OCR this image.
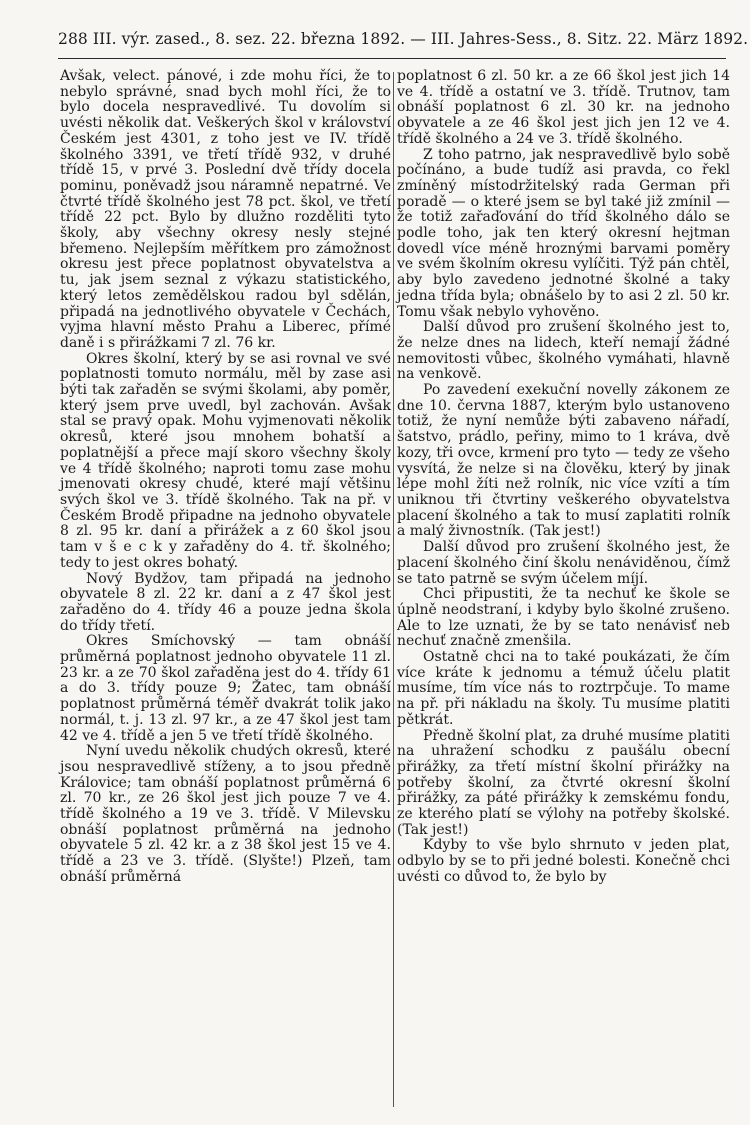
288 III. výr. zased., 8. sez. 22. března 1892. — III. Jahres-Sess., 8. Sitz. 22. März 1892.

Avšak, velect. pánové, i zde mohu říci, že to nebylo správné, snad bych mohl říci, že to bylo docela nespravedlivé. Tu dovolím si uvésti několik dat. Veškerých škol v království Českém jest 4301, z toho jest ve IV. třídě školného 3391, ve třetí třídě 932, v druhé třídě 15, v prvé 3. Poslední dvě třídy docela pominu, poněvadž jsou náramně nepatrné. Ve čtvrté třídě školného jest 78 pct. škol, ve třetí třídě 22 pct. Bylo by dlužno rozděliti tyto školy, aby všechny okresy nesly stejné břemeno. Nejlepším měřítkem pro zámožnost okresu jest přece poplatnost obyvatelstva a tu, jak jsem seznal z výkazu statistického, který letos zemědělskou radou byl sdělán, připadá na jednotlivého obyvatele v Čechách, vyjma hlavní město Prahu a Liberec, přímé daně i s přirážkami 7 zl. 76 kr.

Okres školní, který by se asi rovnal ve své poplatnosti tomuto normálu, měl by zase asi býti tak zařaděn se svými školami, aby poměr, který jsem prve uvedl, byl zachován. Avšak stal se pravý opak. Mohu vyjmenovati několik okresů, které jsou mnohem bohatší a poplatnější a přece mají skoro všechny školy ve 4 třídě školného; naproti tomu zase mohu jmenovati okresy chudé, které mají většinu svých škol ve 3. třídě školného. Tak na př. v Českém Brodě připadne na jednoho obyvatele 8 zl. 95 kr. daní a přirážek a z 60 škol jsou tam v š e c k y zařaděny do 4. tř. školného; tedy to jest okres bohatý.

Nový Bydžov, tam připadá na jednoho obyvatele 8 zl. 22 kr. daní a z 47 škol jest zařaděno do 4. třídy 46 a pouze jedna škola do třídy třetí.

Okres Smíchovský — tam obnáší průměrná poplatnost jednoho obyvatele 11 zl. 23 kr. a ze 70 škol zařaděna jest do 4. třídy 61 a do 3. třídy pouze 9; Žatec, tam obnáší poplatnost průměrná téměř dvakrát tolik jako normál, t. j. 13 zl. 97 kr., a ze 47 škol jest tam 42 ve 4. třídě a jen 5 ve třetí třídě školného.

Nyní uvedu několik chudých okresů, které jsou nespravedlivě stíženy, a to jsou předně Královice; tam obnáší poplatnost průměrná 6 zl. 70 kr., ze 26 škol jest jich pouze 7 ve 4. třídě školného a 19 ve 3. třídě. V Milevsku obnáší poplatnost průměrná na jednoho obyvatele 5 zl. 42 kr. a z 38 škol jest 15 ve 4. třídě a 23 ve 3. třídě. (Slyšte!) Plzeň, tam obnáší průměrná

poplatnost 6 zl. 50 kr. a ze 66 škol jest jich 14 ve 4. třídě a ostatní ve 3. třídě. Trutnov, tam obnáší poplatnost 6 zl. 30 kr. na jednoho obyvatele a ze 46 škol jest jich jen 12 ve 4. třídě školného a 24 ve 3. třídě školného.

Z toho patrno, jak nespravedlivě bylo sobě počínáno, a bude tudíž asi pravda, co řekl zmíněný místodržitelský rada German při poradě — o které jsem se byl také již zmínil — že totiž zařaďování do tříd školného dálo se podle toho, jak ten který okresní hejtman dovedl více méně hroznými barvami poměry ve svém školním okresu vylíčiti. Týž pán chtěl, aby bylo zavedeno jednotné školné a taky jedna třída byla; obnášelo by to asi 2 zl. 50 kr. Tomu však nebylo vyhověno.

Další důvod pro zrušení školného jest to, že nelze dnes na lidech, kteří nemají žádné nemovitosti vůbec, školného vymáhati, hlavně na venkově.

Po zavedení exekuční novelly zákonem ze dne 10. června 1887, kterým bylo ustanoveno totiž, že nyní nemůže býti zabaveno nářadí, šatstvo, prádlo, peřiny, mimo to 1 kráva, dvě kozy, tři ovce, krmení pro tyto — tedy ze všeho vysvítá, že nelze si na člověku, který by jinak lépe mohl žíti než rolník, nic více vzíti a tím uniknou tři čtvrtiny veškerého obyvatelstva placení školného a tak to musí zaplatiti rolník a malý živnostník. (Tak jest!)

Další důvod pro zrušení školného jest, že placení školného činí školu nenáviděnou, čímž se tato patrně se svým účelem míjí.

Chci připustiti, že ta nechuť ke škole se úplně neodstraní, i kdyby bylo školné zrušeno. Ale to lze uznati, že by se tato nenávisť neb nechuť značně zmenšila.

Ostatně chci na to také poukázati, že čím více kráte k jednomu a témuž účelu platit musíme, tím více nás to roztrpčuje. To mame na př. při nákladu na školy. Tu musíme platiti pětkrát.

Předně školní plat, za druhé musíme platiti na uhražení schodku z paušálu obecní přirážky, za třetí místní školní přirážky na potřeby školní, za čtvrté okresní školní přirážky, za páté přirážky k zemskému fondu, ze kterého platí se výlohy na potřeby školské. (Tak jest!)

Kdyby to vše bylo shrnuto v jeden plat, odbylo by se to při jedné bolesti. Konečně chci uvésti co důvod to, že bylo by
